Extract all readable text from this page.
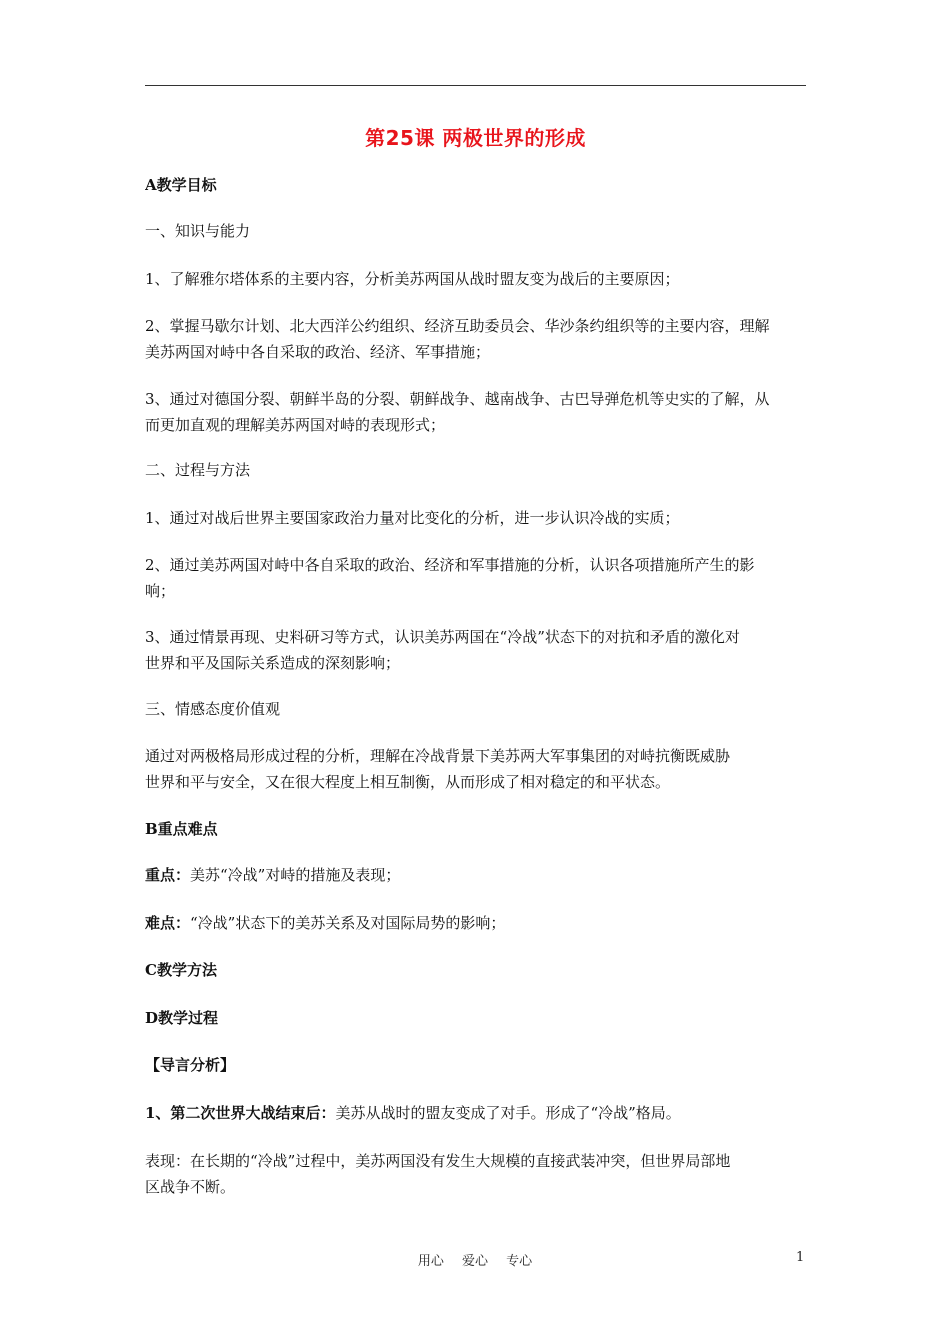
第25课 两极世界的形成
A教学目标
一、知识与能力
1、了解雅尔塔体系的主要内容，分析美苏两国从战时盟友变为战后的主要原因；
2、掌握马歇尔计划、北大西洋公约组织、经济互助委员会、华沙条约组织等的主要内容，理解
美苏两国对峙中各自采取的政治、经济、军事措施；
3、通过对德国分裂、朝鲜半岛的分裂、朝鲜战争、越南战争、古巴导弹危机等史实的了解，从
而更加直观的理解美苏两国对峙的表现形式；
二、过程与方法
1、通过对战后世界主要国家政治力量对比变化的分析，进一步认识冷战的实质；
2、通过美苏两国对峙中各自采取的政治、经济和军事措施的分析，认识各项措施所产生的影
响；
3、通过情景再现、史料研习等方式，认识美苏两国在“冷战”状态下的对抗和矛盾的激化对
世界和平及国际关系造成的深刻影响；
三、情感态度价值观
通过对两极格局形成过程的分析，理解在冷战背景下美苏两大军事集团的对峙抗衡既威胁
世界和平与安全，又在很大程度上相互制衡，从而形成了相对稳定的和平状态。
B重点难点
重点：美苏“冷战”对峙的措施及表现；
难点：“冷战”状态下的美苏关系及对国际局势的影响；
C教学方法
D教学过程
【导言分析】
1、第二次世界大战结束后：美苏从战时的盟友变成了对手。形成了“冷战”格局。
表现：在长期的“冷战”过程中，美苏两国没有发生大规模的直接武装冲突，但世界局部地
区战争不断。
用心 爱心 专心	1
